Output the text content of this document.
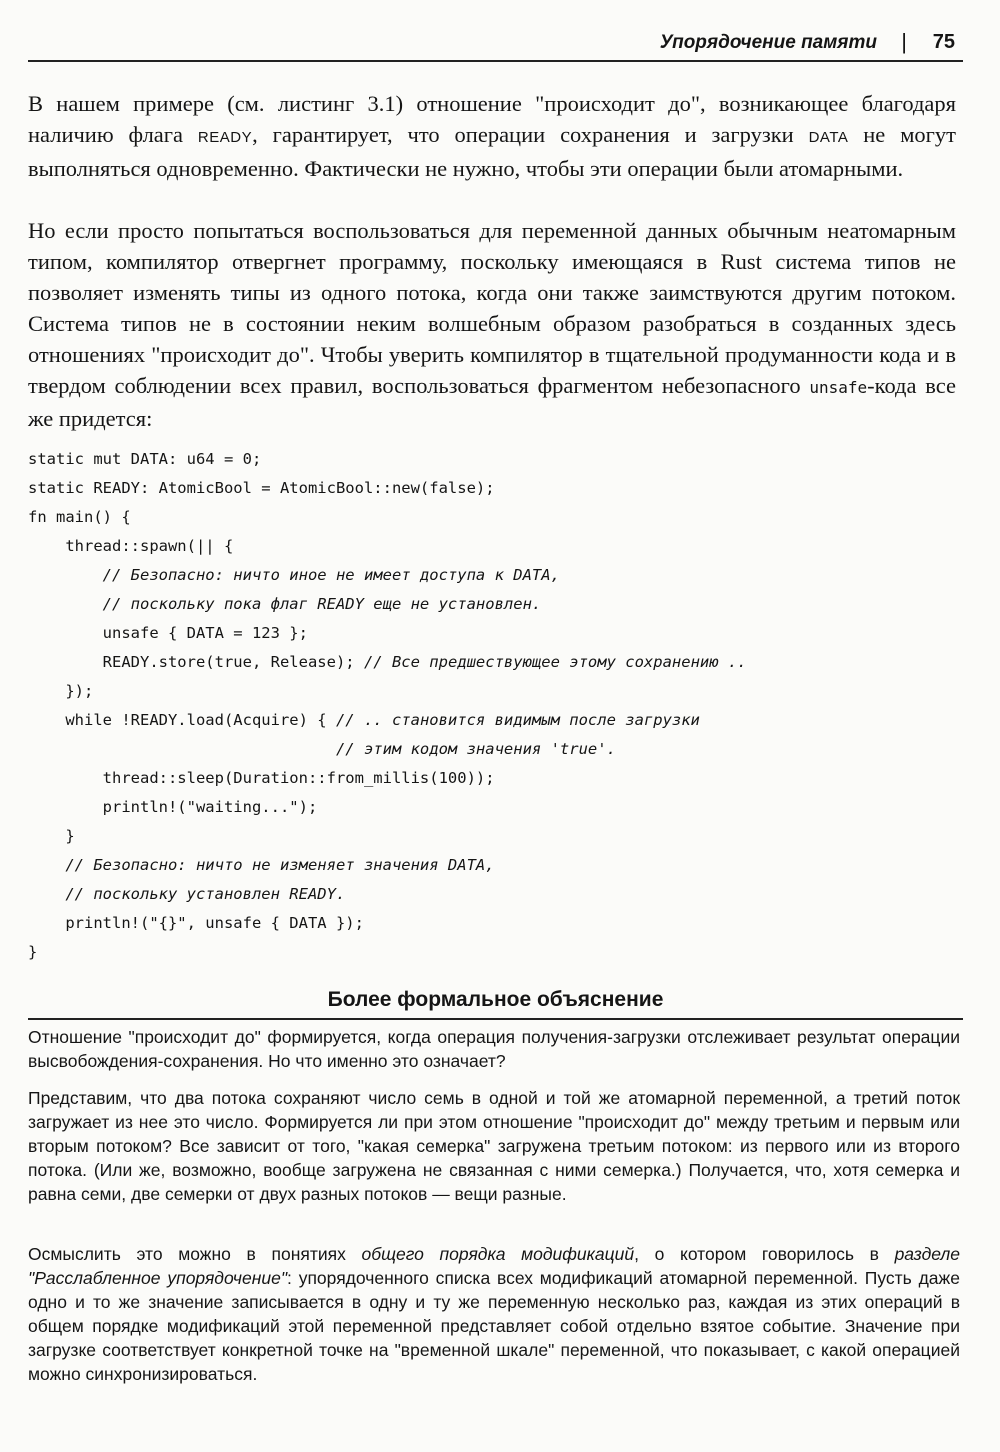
Упорядочение памяти | 75

В нашем примере (см. листинг 3.1) отношение "происходит до", возникающее благодаря наличию флага READY, гарантирует, что операции сохранения и загрузки DATA не могут выполняться одновременно. Фактически не нужно, чтобы эти операции были атомарными.

Но если просто попытаться воспользоваться для переменной данных обычным неатомарным типом, компилятор отвергнет программу, поскольку имеющаяся в Rust система типов не позволяет изменять типы из одного потока, когда они также заимствуются другим потоком. Система типов не в состоянии неким волшебным образом разобраться в созданных здесь отношениях "происходит до". Чтобы уверить компилятор в тщательной продуманности кода и в твердом соблюдении всех правил, воспользоваться фрагментом небезопасного unsafe-кода все же придется:

static mut DATA: u64 = 0;
static READY: AtomicBool = AtomicBool::new(false);
fn main() {
thread::spawn(|| {
// Безопасно: ничто иное не имеет доступа к DATA,
// поскольку пока флаг READY еще не установлен.
unsafe { DATA = 123 };
READY.store(true, Release); // Все предшествующее этому сохранению ..
});
while !READY.load(Acquire) { // .. становится видимым после загрузки
// этим кодом значения 'true'.
thread::sleep(Duration::from_millis(100));
println!("waiting...");
}
// Безопасно: ничто не изменяет значения DATA,
// поскольку установлен READY.
println!("{}", unsafe { DATA });
}
Более формальное объяснение

Отношение "происходит до" формируется, когда операция получения-загрузки отслеживает результат операции высвобождения-сохранения. Но что именно это означает?

Представим, что два потока сохраняют число семь в одной и той же атомарной переменной, а третий поток загружает из нее это число. Формируется ли при этом отношение "происходит до" между третьим и первым или вторым потоком? Все зависит от того, "какая семерка" загружена третьим потоком: из первого или из второго потока. (Или же, возможно, вообще загружена не связанная с ними семерка.) Получается, что, хотя семерка и равна семи, две семерки от двух разных потоков — вещи разные.

Осмыслить это можно в понятиях общего порядка модификаций, о котором говорилось в разделе "Расслабленное упорядочение": упорядоченного списка всех модификаций атомарной переменной. Пусть даже одно и то же значение записывается в одну и ту же переменную несколько раз, каждая из этих операций в общем порядке модификаций этой переменной представляет собой отдельно взятое событие. Значение при загрузке соответствует конкретной точке на "временной шкале" переменной, что показывает, с какой операцией можно синхронизироваться.
